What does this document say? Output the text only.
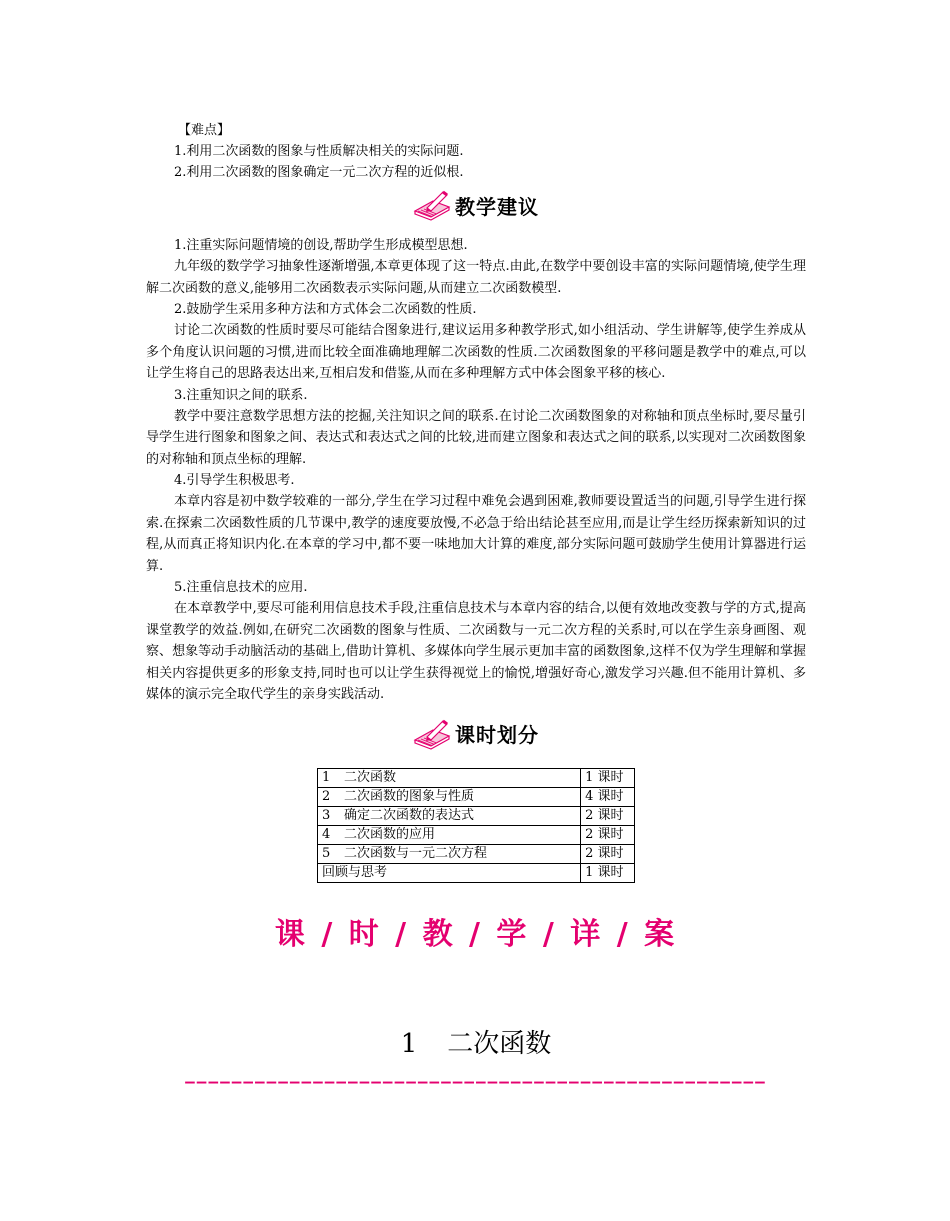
【难点】
1.利用二次函数的图象与性质解决相关的实际问题.
2.利用二次函数的图象确定一元二次方程的近似根.
教学建议
1.注重实际问题情境的创设,帮助学生形成模型思想.
九年级的数学学习抽象性逐渐增强,本章更体现了这一特点.由此,在数学中要创设丰富的实际问题情境,使学生理解二次函数的意义,能够用二次函数表示实际问题,从而建立二次函数模型.
2.鼓励学生采用多种方法和方式体会二次函数的性质.
讨论二次函数的性质时要尽可能结合图象进行,建议运用多种教学形式,如小组活动、学生讲解等,使学生养成从多个角度认识问题的习惯,进而比较全面准确地理解二次函数的性质.二次函数图象的平移问题是教学中的难点,可以让学生将自己的思路表达出来,互相启发和借鉴,从而在多种理解方式中体会图象平移的核心.
3.注重知识之间的联系.
教学中要注意数学思想方法的挖掘,关注知识之间的联系.在讨论二次函数图象的对称轴和顶点坐标时,要尽量引导学生进行图象和图象之间、表达式和表达式之间的比较,进而建立图象和表达式之间的联系,以实现对二次函数图象的对称轴和顶点坐标的理解.
4.引导学生积极思考.
本章内容是初中数学较难的一部分,学生在学习过程中难免会遇到困难,教师要设置适当的问题,引导学生进行探索.在探索二次函数性质的几节课中,教学的速度要放慢,不必急于给出结论甚至应用,而是让学生经历探索新知识的过程,从而真正将知识内化.在本章的学习中,都不要一味地加大计算的难度,部分实际问题可鼓励学生使用计算器进行运算.
5.注重信息技术的应用.
在本章教学中,要尽可能利用信息技术手段,注重信息技术与本章内容的结合,以便有效地改变教与学的方式,提高课堂教学的效益.例如,在研究二次函数的图象与性质、二次函数与一元二次方程的关系时,可以在学生亲身画图、观察、想象等动手动脑活动的基础上,借助计算机、多媒体向学生展示更加丰富的函数图象,这样不仅为学生理解和掌握相关内容提供更多的形象支持,同时也可以让学生获得视觉上的愉悦,增强好奇心,激发学习兴趣.但不能用计算机、多媒体的演示完全取代学生的亲身实践活动.
课时划分
1 二次函数	1 课时
2 二次函数的图象与性质	4 课时
3 确定二次函数的表达式	2 课时
4 二次函数的应用	2 课时
5 二次函数与一元二次方程	2 课时
回顾与思考	1 课时
课 / 时 / 教 / 学 / 详 / 案
1 二次函数
––––––––––––––––––––––––––––––––––––––––––––––––––
